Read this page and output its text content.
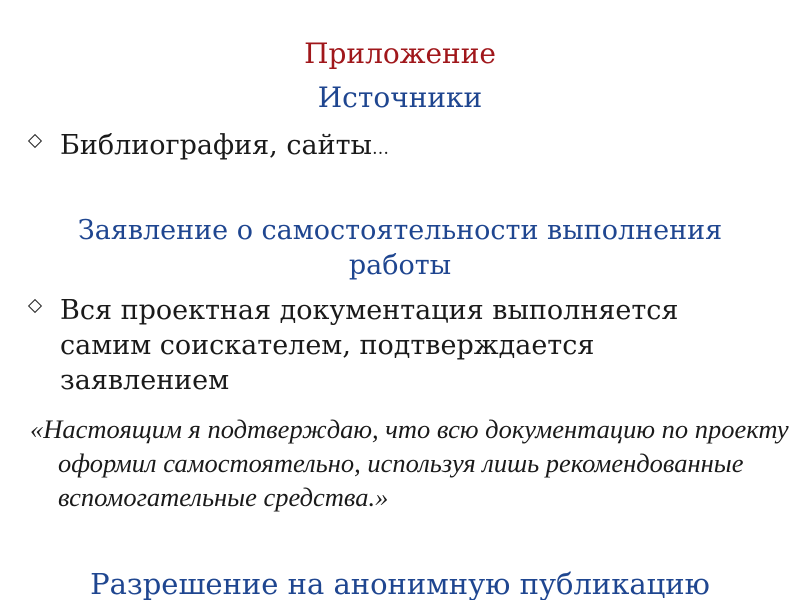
Приложение
Источники
Библиография, сайты…
Заявление о самостоятельности выполнения работы
Вся проектная документация выполняется самим соискателем, подтверждается заявлением
«Настоящим я подтверждаю, что всю документацию по проекту оформил самостоятельно, используя лишь рекомендованные вспомогательные средства.»
Разрешение на анонимную публикацию
